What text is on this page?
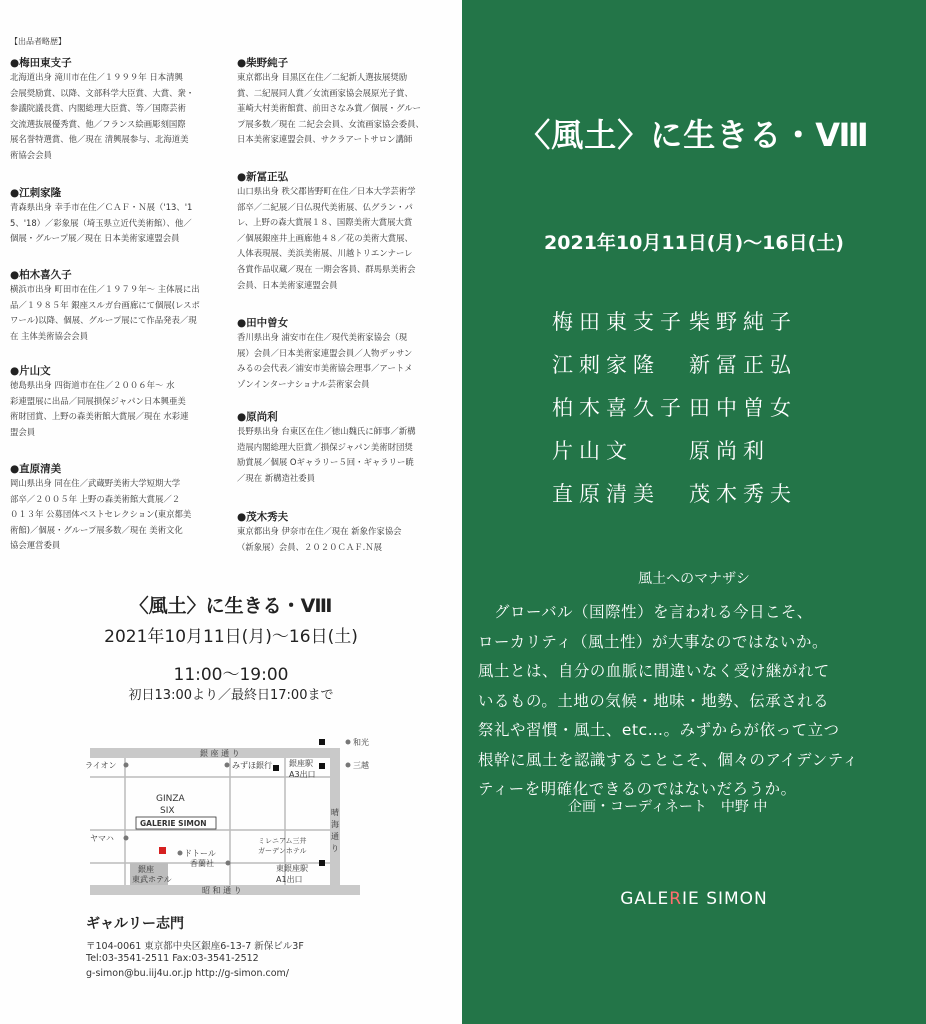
【出品者略歴】
●梅田東支子
北海道出身 滝川市在住／１９９９年 日本清興
会展奨励賞、以降、文部科学大臣賞、大賞、衆・
参議院議長賞、内閣総理大臣賞、等／国際芸術
交流選抜展優秀賞、他／フランス絵画彫刻国際
展名誉特選賞、他／現在 清興展参与、北海道美
術協会会員
●江刺家隆
青森県出身 幸手市在住／ＣＡＦ・Ｎ展（'13、'1
5、'18）／彩象展（埼玉県立近代美術館）、他／
個展・グループ展／現在 日本美術家連盟会員
●柏木喜久子
横浜市出身 町田市在住／１９７９年～ 主体展に出
品／１９８５年 銀座スルガ台画廊にて個展(レスポ
ワール)以降、個展、グループ展にて作品発表／現
在 主体美術協会会員
●片山文
徳島県出身 四街道市在住／２００６年～ 水
彩連盟展に出品／同展損保ジャパン日本興亜美
術財団賞、上野の森美術館大賞展／現在 水彩連
盟会員
●直原清美
岡山県出身 同在住／武蔵野美術大学短期大学
部卒／２００５年 上野の森美術館大賞展／２
０１３年 公募団体ベストセレクション(東京都美
術館)／個展・グループ展多数／現在 美術文化
協会運営委員
●柴野純子
東京都出身 目黒区在住／二紀新人選抜展奨励
賞、二紀展同人賞／女流画家協会展原光子賞、
韮崎大村美術館賞、前田さなみ賞／個展・グルー
プ展多数／現在 二紀会会員、女流画家協会委員、
日本美術家連盟会員、サクラアートサロン講師
●新冨正弘
山口県出身 秩父郡皆野町在住／日本大学芸術学
部卒／二紀展／日仏現代美術展、仏グラン・パ
レ、上野の森大賞展１８、国際美術大賞展大賞
／個展銀座井上画廊他４８／花の美術大賞展、
人体表現展、美浜美術展、川越トリエンナーレ
各賞作品収蔵／現在 一期会客員、群馬県美術会
会員、日本美術家連盟会員
●田中曽女
香川県出身 浦安市在住／現代美術家協会（現
展）会員／日本美術家連盟会員／人物デッサン
みるの会代表／浦安市美術協会理事／アートメ
ゾンインターナショナル芸術家会員
●原尚利
長野県出身 台東区在住／徳山魏氏に師事／新構
造展内閣総理大臣賞／損保ジャパン美術財団奨
励賞展／個展 Oギャラリー５回・ギャラリー暁
／現在 新構造社委員
●茂木秀夫
東京都出身 伊奈市在住／現在 新象作家協会
（新象展）会員、２０２０ＣＡＦ.Ｎ展
〈風土〉に生きる・Ⅷ
2021年10月11日(月)～16日(土)
11:00～19:00
初日13:00より／最終日17:00まで
銀 座 通 り
昭 和 通 り
晴
海
通
り
和光
ライオン	みずほ銀行 銀座駅
A3出口
三越
GINZA
SIX
GALERIE SIMON
ヤマハ
ドトール
ミレニアム三井
ガーデンホテル
東銀座駅
A1出口
銀座
東武ホテル
香蘭社
ギャルリー志門
〒104-0061 東京都中央区銀座6-13-7 新保ビル3F
Tel:03-3541-2511 Fax:03-3541-2512
g-simon@bu.iij4u.or.jp http://g-simon.com/
〈風土〉に生きる・Ⅷ
2021年10月11日(月)～16日(土)
梅田東支子 柴野純子
江刺家隆	新冨正弘
柏木喜久子 田中曽女
片山文	原尚利
直原清美	茂木秀夫
風土へのマナザシ

　グローバル（国際性）を言われる今日こそ、

ローカリティ（風土性）が大事なのではないか。

風土とは、自分の血脈に間違いなく受け継がれて

いるもの。土地の気候・地味・地勢、伝承される

祭礼や習慣・風土、etc…。みずからが依って立つ

根幹に風土を認識することこそ、個々のアイデンティ

ティーを明確化できるのではないだろうか。

企画・コーディネート　中野 中
GALERIE SIMON
